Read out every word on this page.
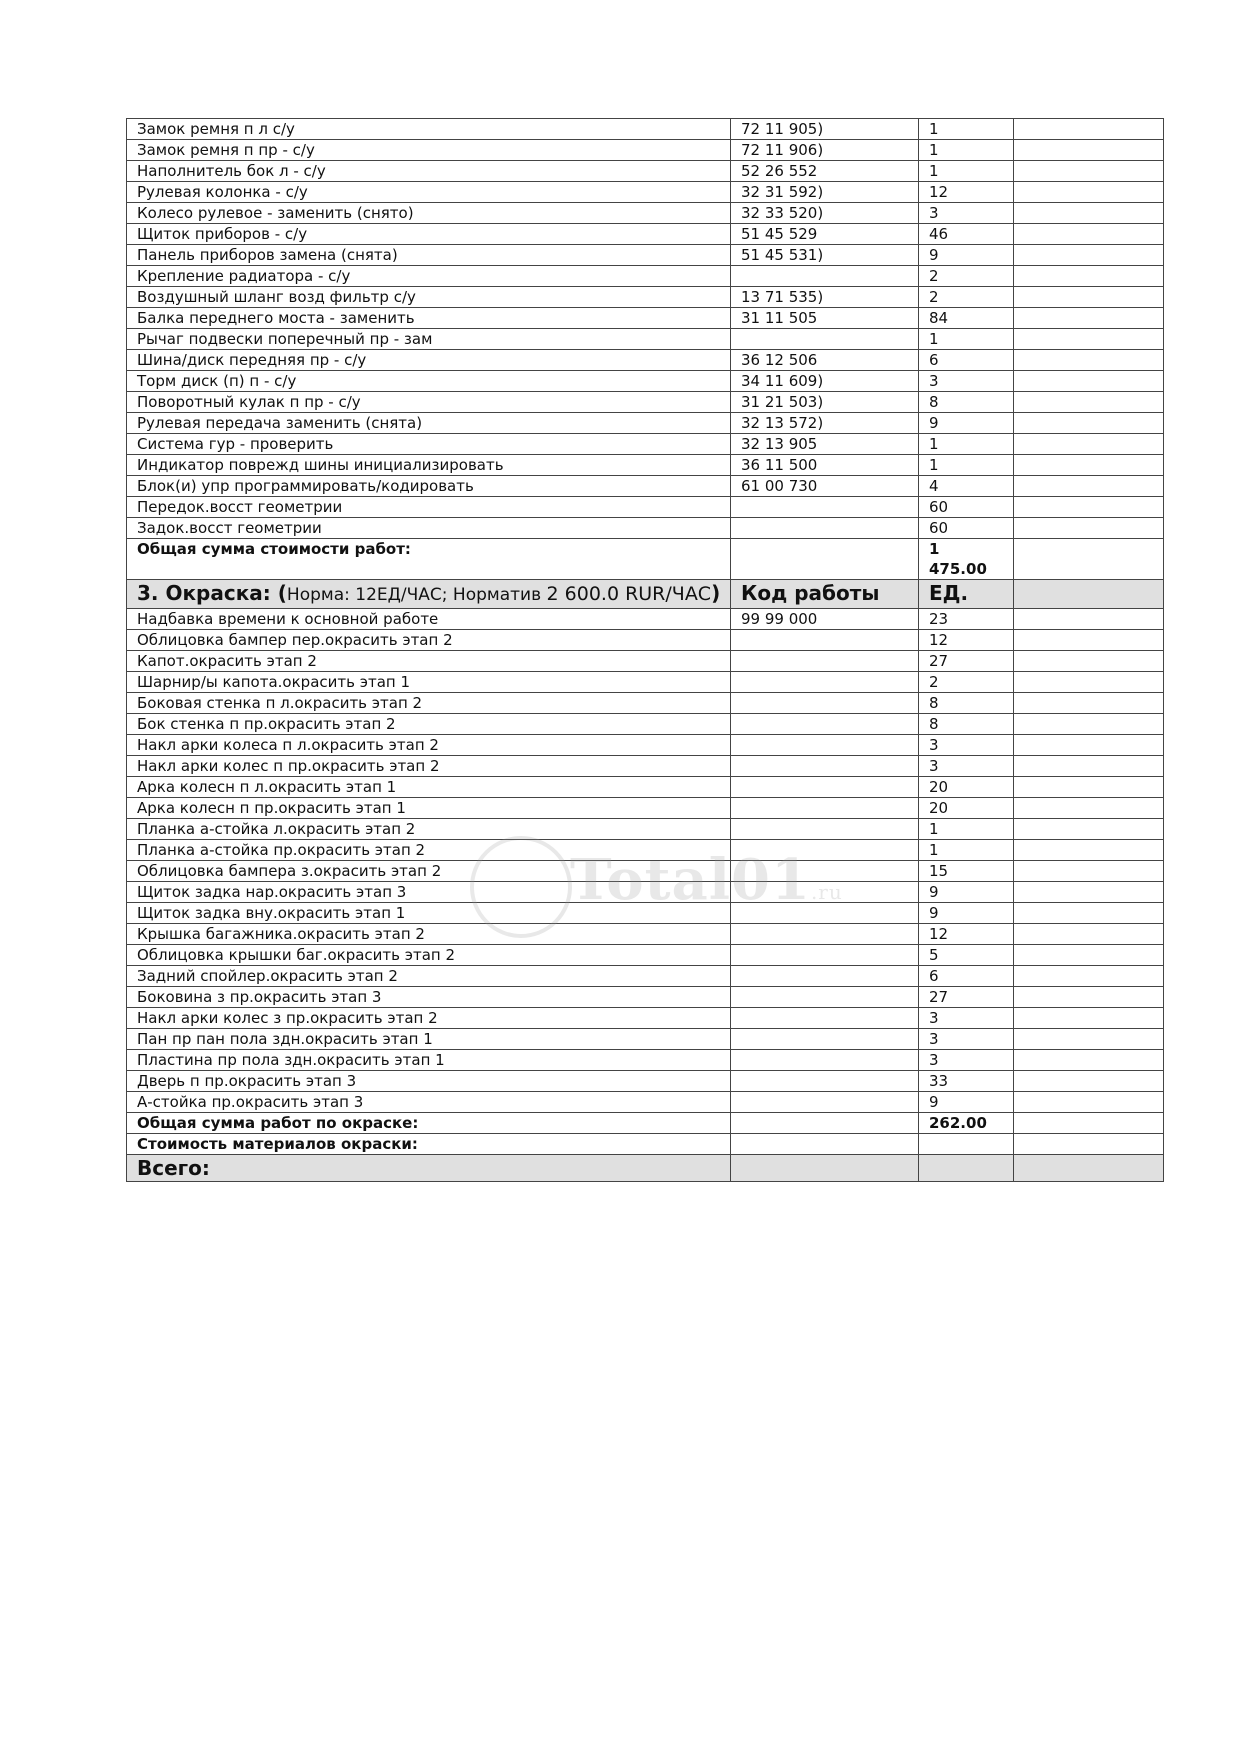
Замок ремня п л с/у	72 11 905)	1	
Замок ремня п пр - с/у	72 11 906)	1	
Наполнитель бок л - с/у	52 26 552	1	
Рулевая колонка - с/у	32 31 592)	12	
Колесо рулевое - заменить (снято)	32 33 520)	3	
Щиток приборов - с/у	51 45 529	46	
Панель приборов замена (снята)	51 45 531)	9	
Крепление радиатора - с/у		2	
Воздушный шланг возд фильтр с/у	13 71 535)	2	
Балка переднего моста - заменить	31 11 505	84	
Рычаг подвески поперечный пр - зам		1	
Шина/диск передняя пр - с/у	36 12 506	6	
Торм диск (п) п - с/у	34 11 609)	3	
Поворотный кулак п пр - с/у	31 21 503)	8	
Рулевая передача заменить (снята)	32 13 572)	9	
Система гур - проверить	32 13 905	1	
Индикатор поврежд шины инициализировать	36 11 500	1	
Блок(и) упр программировать/кодировать	61 00 730	4	
Передок.восст геометрии		60	
Задок.восст геометрии		60	
Общая сумма стоимости работ:		1 475.00	
3. Окраска: (Норма: 12ЕД/ЧАС; Норматив 2 600.0 RUR/ЧАС)	Код работы	ЕД.	
Надбавка времени к основной работе	99 99 000	23	
Облицовка бампер пер.окрасить этап 2		12	
Капот.окрасить этап 2		27	
Шарнир/ы капота.окрасить этап 1		2	
Боковая стенка п л.окрасить этап 2		8	
Бок стенка п пр.окрасить этап 2		8	
Накл арки колеса п л.окрасить этап 2		3	
Накл арки колес п пр.окрасить этап 2		3	
Арка колесн п л.окрасить этап 1		20	
Арка колесн п пр.окрасить этап 1		20	
Планка а-стойка л.окрасить этап 2		1	
Планка а-стойка пр.окрасить этап 2		1	
Облицовка бампера з.окрасить этап 2		15	
Щиток задка нар.окрасить этап 3		9	
Щиток задка вну.окрасить этап 1		9	
Крышка багажника.окрасить этап 2		12	
Облицовка крышки баг.окрасить этап 2		5	
Задний спойлер.окрасить этап 2		6	
Боковина з пр.окрасить этап 3		27	
Накл арки колес з пр.окрасить этап 2		3	
Пан пр пан пола здн.окрасить этап 1		3	
Пластина пр пола здн.окрасить этап 1		3	
Дверь п пр.окрасить этап 3		33	
А-стойка пр.окрасить этап 3		9	
Общая сумма работ по окраске:		262.00	
Стоимость материалов окраски:			
Всего:			
Total01.ru
